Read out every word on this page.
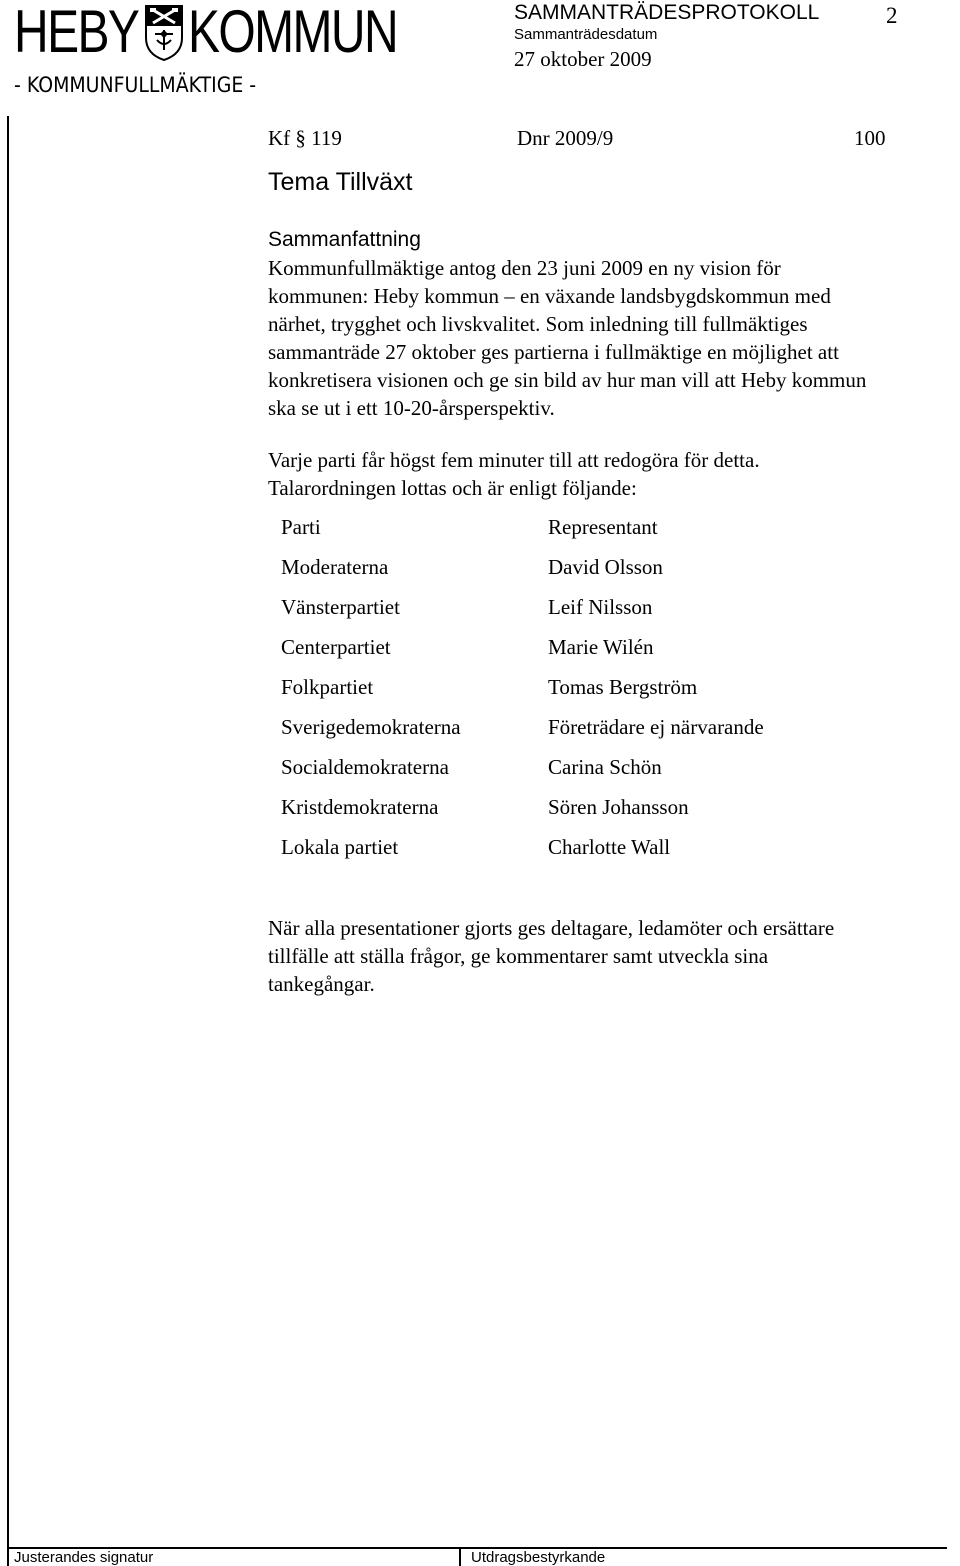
HEBY KOMMUN
- KOMMUNFULLMÄKTIGE -
SAMMANTRÄDESPROTOKOLL	2
Sammanträdesdatum
27 oktober 2009
Kf § 119	Dnr 2009/9	100
Tema Tillväxt
Sammanfattning
Kommunfullmäktige antog den 23 juni 2009 en ny vision för
kommunen: Heby kommun – en växande landsbygdskommun med
närhet, trygghet och livskvalitet. Som inledning till fullmäktiges
sammanträde 27 oktober ges partierna i fullmäktige en möjlighet att
konkretisera visionen och ge sin bild av hur man vill att Heby kommun
ska se ut i ett 10-20-årsperspektiv.
Varje parti får högst fem minuter till att redogöra för detta.
Talarordningen lottas och är enligt följande:
Parti	Representant
Moderaterna	David Olsson
Vänsterpartiet	Leif Nilsson
Centerpartiet	Marie Wilén
Folkpartiet	Tomas Bergström
Sverigedemokraterna	Företrädare ej närvarande
Socialdemokraterna	Carina Schön
Kristdemokraterna	Sören Johansson
Lokala partiet	Charlotte Wall
När alla presentationer gjorts ges deltagare, ledamöter och ersättare
tillfälle att ställa frågor, ge kommentarer samt utveckla sina
tankegångar.
Justerandes signatur	Utdragsbestyrkande
